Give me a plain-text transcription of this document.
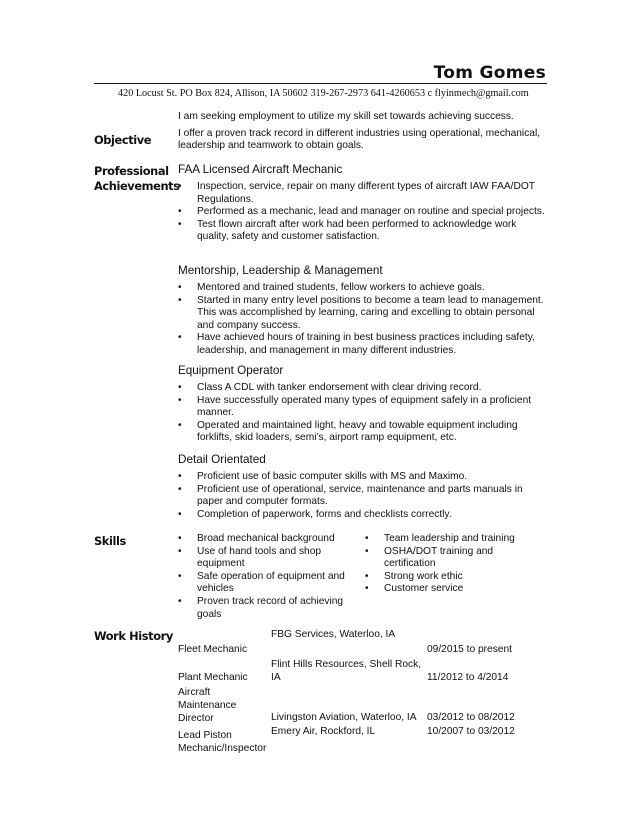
Tom Gomes
420 Locust St. PO Box 824, Allison, IA 50602 319-267-2973 641-4260653 c flyinmech@gmail.com
Objective

I am seeking employment to utilize my skill set towards achieving success.

I offer a proven track record in different industries using operational, mechanical, leadership and teamwork to obtain goals.

Professional
Achievements
FAA Licensed Aircraft Mechanic
• Inspection, service, repair on many different types of aircraft IAW FAA/DOT Regulations.
• Performed as a mechanic, lead and manager on routine and special projects.
• Test flown aircraft after work had been performed to acknowledge work quality, safety and customer satisfaction.
Mentorship, Leadership & Management
• Mentored and trained students, fellow workers to achieve goals.
• Started in many entry level positions to become a team lead to management. This was accomplished by learning, caring and excelling to obtain personal and company success.
• Have achieved hours of training in best business practices including safety, leadership, and management in many different industries.
Equipment Operator
• Class A CDL with tanker endorsement with clear driving record.
• Have successfully operated many types of equipment safely in a proficient manner.
• Operated and maintained light, heavy and towable equipment including forklifts, skid loaders, semi’s, airport ramp equipment, etc.
Detail Orientated
• Proficient use of basic computer skills with MS and Maximo.
• Proficient use of operational, service, maintenance and parts manuals in paper and computer formats.
• Completion of paperwork, forms and checklists correctly.
Skills
•	Broad mechanical background
• Use of hand tools and shop equipment
• Safe operation of equipment and vehicles
• Proven track record of achieving goals
• Team leadership and training
• OSHA/DOT training and certification
• Strong work ethic
• Customer service
Work History	FBG Services, Waterloo, IA
Fleet Mechanic	09/2015 to present
Flint Hills Resources, Shell Rock, IA
Plant Mechanic	11/2012 to 4/2014
Aircraft Maintenance Director	Livingston Aviation, Waterloo, IA 03/2012 to 08/2012
Lead Piston Mechanic/Inspector
Emery Air, Rockford, IL	10/2007 to 03/2012
